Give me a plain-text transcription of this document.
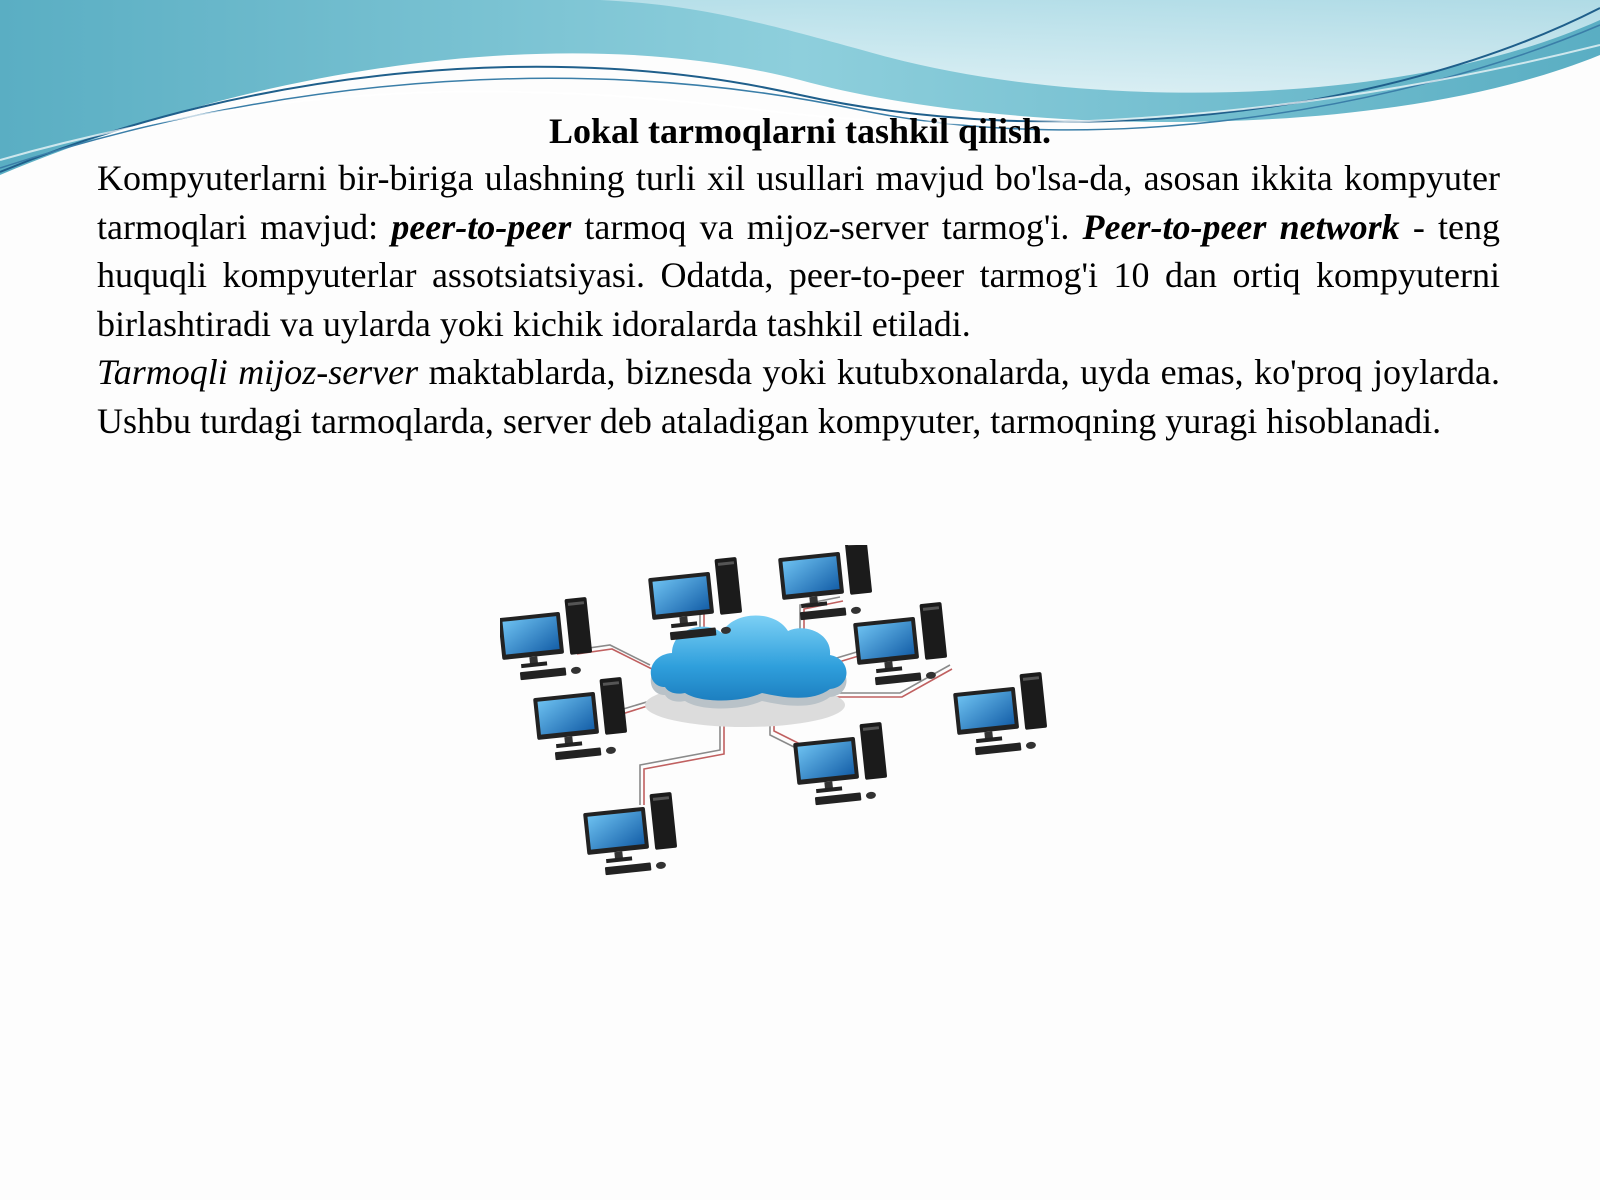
Lokal tarmoqlarni tashkil qilish.

Kompyuterlarni bir-biriga ulashning turli xil usullari mavjud bo'lsa-da, asosan ikkita kompyuter tarmoqlari mavjud: peer-to-peer tarmoq va mijoz-server tarmog'i. Peer-to-peer network - teng huquqli kompyuterlar assotsiatsiyasi. Odatda, peer-to-peer tarmog'i 10 dan ortiq kompyuterni birlashtiradi va uylarda yoki kichik idoralarda tashkil etiladi.

Tarmoqli mijoz-server maktablarda, biznesda yoki kutubxonalarda, uyda emas, ko'proq joylarda. Ushbu turdagi tarmoqlarda, server deb ataladigan kompyuter, tarmoqning yuragi hisoblanadi.
